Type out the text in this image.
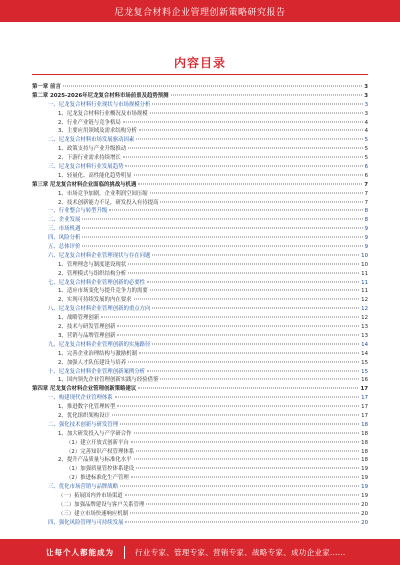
尼龙复合材料企业管理创新策略研究报告
内容目录
第一章 前言	3
第二章 2025-2026年尼龙复合材料市场前景及趋势预测	3
一、尼龙复合材料行业现状与市场规模分析	3
1、尼龙复合材料行业概况及市场规模	3
2、行业产业链与竞争格局	4
3、主要应用领域及需求结构分析	4
二、尼龙复合材料市场发展驱动因素	5
1、政策支持与产业升级推动	5
2、下游行业需求持续增长	5
三、尼龙复合材料行业发展趋势	6
1、轻量化、高性能化趋势明显	6
第三章 尼龙复合材料企业面临的挑战与机遇	7
1、市场竞争加剧，企业利润空间压缩	7
2、技术创新能力不足，研发投入有待提高	7
一、行业整合与转型升级	8
二、企业发展	8
三、市场机遇	9
四、风险分析	9
五、总体评价	9
六、尼龙复合材料企业管理现状与存在问题	10
1、管理理念与制度建设现状	10
2、管理模式与组织结构分析	11
七、尼龙复合材料企业管理创新的必要性	11
1、适应市场变化与提升竞争力的需要	11
2、实现可持续发展的内在要求	12
八、尼龙复合材料企业管理创新的重点方向	12
1、战略管理创新	12
2、技术与研发管理创新	13
3、营销与品牌管理创新	13
九、尼龙复合材料企业管理创新的实施路径	14
1、完善企业治理结构与激励机制	14
2、加强人才队伍建设与培养	15
十、尼龙复合材料企业管理创新案例分析	15
1、国内领先企业管理创新实践与经验借鉴	16
第四章 尼龙复合材料企业管理创新策略建议	17
一、构建现代企业管理体系	17
1、推进数字化管理转型	17
2、优化组织架构设计	17
二、强化技术创新与研发管理	18
1、加大研发投入与产学研合作	18
（1）建立开放式创新平台	18
（2）完善知识产权管理体系	18
2、提升产品质量与标准化水平	18
（1）加强质量管控体系建设	19
（2）推进标准化生产管理	19
三、优化市场营销与品牌战略	19
（一）拓展国内外市场渠道	19
（二）加强品牌建设与客户关系管理	20
（三）建立市场快速响应机制	20
四、强化风险管理与可持续发展	20
让每个人都能成为	行业专家、管理专家、营销专家、战略专家、成功企业家……
